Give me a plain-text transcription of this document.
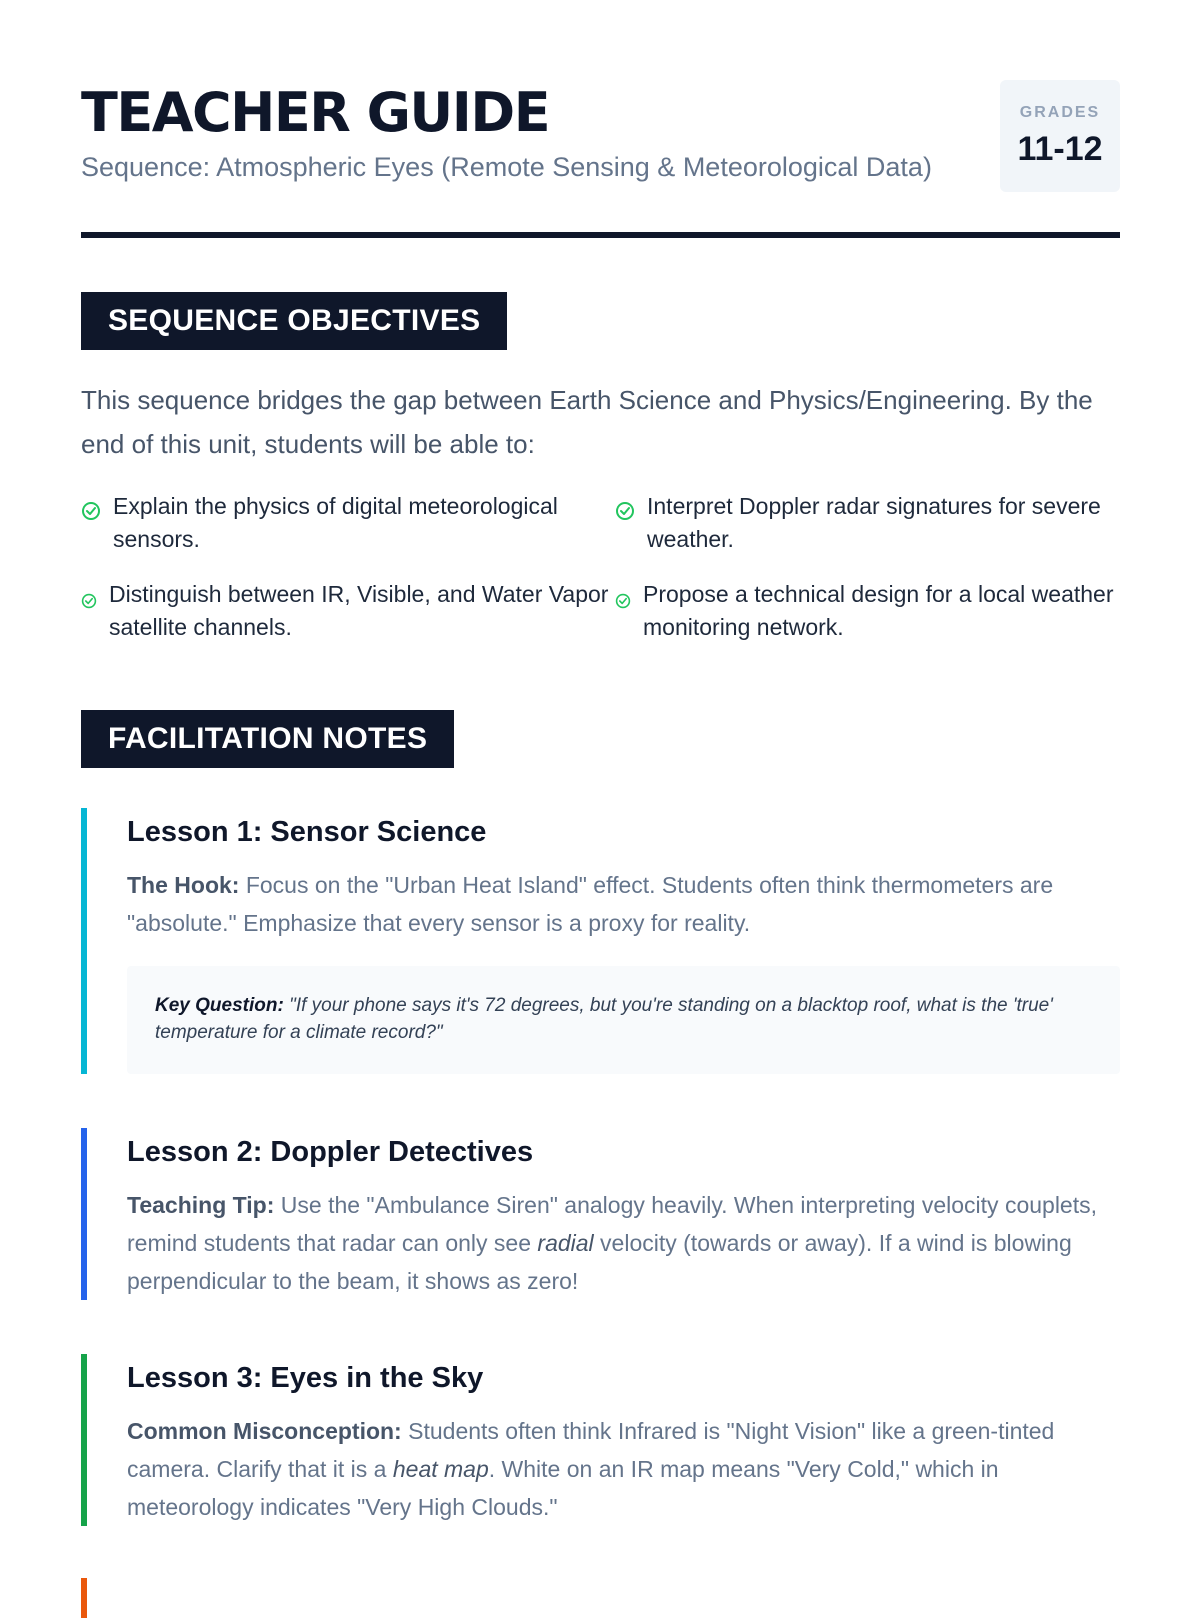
TEACHER GUIDE
Sequence: Atmospheric Eyes (Remote Sensing & Meteorological Data)
GRADES
11-12
SEQUENCE OBJECTIVES
This sequence bridges the gap between Earth Science and Physics/Engineering. By the end of this unit, students will be able to:
Explain the physics of digital meteorological sensors.
Interpret Doppler radar signatures for severe weather.
Distinguish between IR, Visible, and Water Vapor satellite channels.
Propose a technical design for a local weather monitoring network.
FACILITATION NOTES
Lesson 1: Sensor Science

The Hook: Focus on the "Urban Heat Island" effect. Students often think thermometers are "absolute." Emphasize that every sensor is a proxy for reality.

Key Question: "If your phone says it's 72 degrees, but you're standing on a blacktop roof, what is the 'true' temperature for a climate record?"
Lesson 2: Doppler Detectives

Teaching Tip: Use the "Ambulance Siren" analogy heavily. When interpreting velocity couplets, remind students that radar can only see radial velocity (towards or away). If a wind is blowing perpendicular to the beam, it shows as zero!

Lesson 3: Eyes in the Sky

Common Misconception: Students often think Infrared is "Night Vision" like a green-tinted camera. Clarify that it is a heat map. White on an IR map means "Very Cold," which in meteorology indicates "Very High Clouds."
